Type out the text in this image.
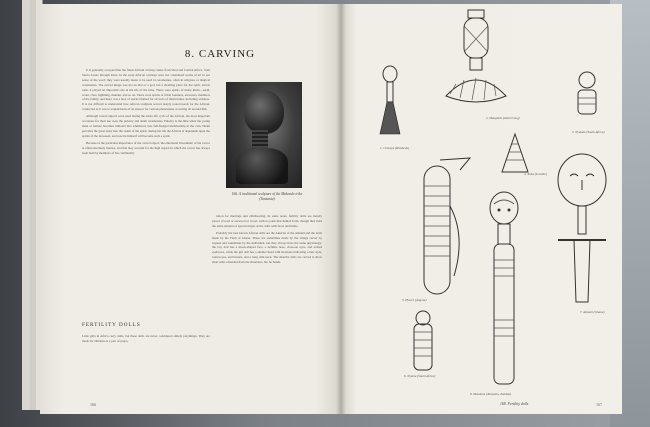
8. CARVING

It is generally accepted that the finest African carving comes from West and Central Africa, from Sierra Leone through Zaire. In the early African carvings were not considered works of art in our sense of the word; they were usually made to be used in ceremonies, often in religious or magical ceremonies. The carved image was not an idol or a god, but a dwelling place for the spirit, and in rank, it played an important role in the life of the tribe. There were spirits of many kinds—earth, water, river, lightning, thunder, and so on. There were spirits of tribal founders, ancestors, members of the family, and there was a host of spirits blamed for all sorts of misfortunes, including sickness. It is not difficult to understand how African sculpture served deeply rooted needs for the African, connected as it was to explanations of an answer for various phenomena occurring all around him.

Although carved objects were used during the entire life cycle of the African, the most important occasions for their use were the puberty and death ceremonies. Puberty is the time when the young male or female becomes initiated into adulthood, into full-fledged membership in the clan. Death provides the great entry into the realm of the spirit, during his life the African is dependent upon the spirits of the deceased, and now he himself will become such a spirit.

Because of the particular importance of the carved object, the emotional investment of the carver is often extremely intense, and this may account for the high regard in which the carver has always been held by members of his community.

166. A traditional sculpture of the Makonde tribe (Tanzania)

ration for marriage and childbearing. In some areas, fertility dolls are merely pieces of reed or earwood or wood, with no particular human form, though they hold the same amount of special magic as the dolls with faces and limbs.

Probably the best known African dolls are the Akua'ba of the Ashanti and the dolls made by the Fanti of Ghana. These are sometimes made by the village carver by request and sometimes by the individual, but they always have the same physiology: the boy doll has a moon-shaped face, a definite nose, close-set eyes, and arched eyebrows, while the girl doll has a smaller head with incisions indicating a hair style, round eyes, and breasts, and a long, thin neck. The Akua'ba dolls are carved to show short arms extended from the shoulders, but no hands.

FERTILITY DOLLS
Little girls in Africa carry dolls, but these dolls are never considered simply playthings. They are made for children as a part of prepa-
166	167
1. Chiwaye (Rhodesia)
2. Mangbetu (Zaire/Cong)
3. Nyakale (South Africa)
4. Xoha (Lesotho)
5. Hyscro (Angola)
6. Nyalou (South Africa)
8. Mondova (Tanzania, Zambia)
7. Ashanti (Ghana)
168. Fertility dolls
